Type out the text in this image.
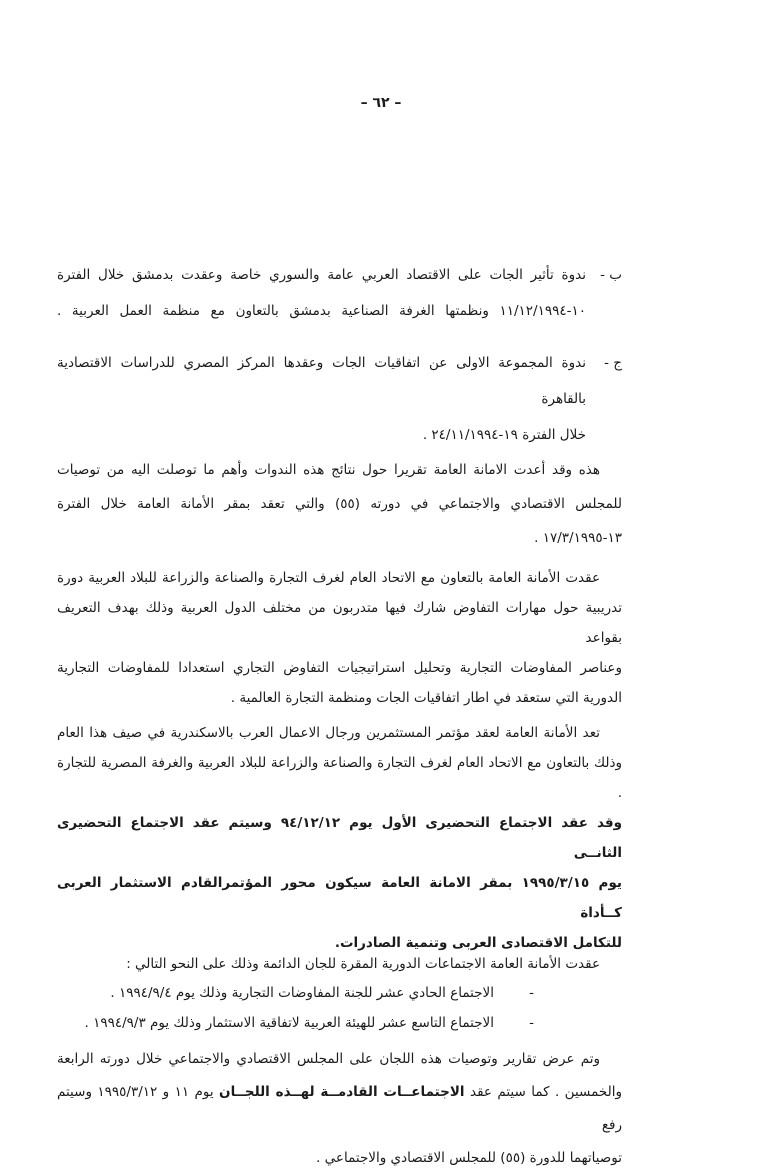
– ٦٢ –
ب -
ندوة تأثير الجات على الاقتصاد العربي عامة والسوري خاصة وعقدت بدمشق خلال الفترة
١٠-١١/١٢/١٩٩٤ ونظمتها الغرفة الصناعية بدمشق بالتعاون مع منظمة العمل العربية .
ج -
ندوة المجموعة الاولى عن اتفاقيات الجات وعقدها المركز المصري للدراسات الاقتصادية بالقاهرة
خلال الفترة ١٩-٢٤/١١/١٩٩٤ .
هذه وقد أعدت الامانة العامة تقريرا حول نتائج هذه الندوات وأهم ما توصلت اليه من توصيات
للمجلس الاقتصادي والاجتماعي في دورته (٥٥) والتي تعقد بمقر الأمانة العامة خلال الفترة
١٣-١٧/٣/١٩٩٥ .
عقدت الأمانة العامة بالتعاون مع الاتحاد العام لغرف التجارة والصناعة والزراعة للبلاد العربية دورة
تدريبية حول مهارات التفاوض شارك فيها متدربون من مختلف الدول العربية وذلك بهدف التعريف بقواعد
وعناصر المفاوضات التجارية وتحليل استراتيجيات التفاوض التجاري استعدادا للمفاوضات التجارية
الدورية التي ستعقد في اطار اتفاقيات الجات ومنظمة التجارة العالمية .
تعد الأمانة العامة لعقد مؤتمر المستثمرين ورجال الاعمال العرب بالاسكندرية في صيف هذا العام
وذلك بالتعاون مع الاتحاد العام لغرف التجارة والصناعة والزراعة للبلاد العربية والغرفة المصرية للتجارة .
وقد عقد الاجتماع التحضيرى الأول يوم ٩٤/١٢/١٢ وسيتم عقد الاجتماع التحضيرى الثانــى
يوم ١٩٩٥/٣/١٥ بمقر الامانة العامة سيكون محور المؤتمرالقادم الاستثمار العربى كــأداة
للتكامل الاقتصادى العربى وتنمية الصادرات.
عقدت الأمانة العامة الاجتماعات الدورية المقرة للجان الدائمة وذلك على النحو التالي :
-
الاجتماع الحادي عشر للجنة المفاوضات التجارية وذلك يوم ١٩٩٤/٩/٤ .
-
الاجتماع التاسع عشر للهيئة العربية لاتفاقية الاستثمار وذلك يوم ١٩٩٤/٩/٣ .
وتم عرض تقارير وتوصيات هذه اللجان على المجلس الاقتصادي والاجتماعي خلال دورته الرابعة
والخمسين . كما سيتم عقد الاجتماعــات القادمــة لهــذه اللجــان يوم ١١ و ١٩٩٥/٣/١٢ وسيتم رفع
توصياتهما للدورة (٥٥) للمجلس الاقتصادي والاجتماعي .
